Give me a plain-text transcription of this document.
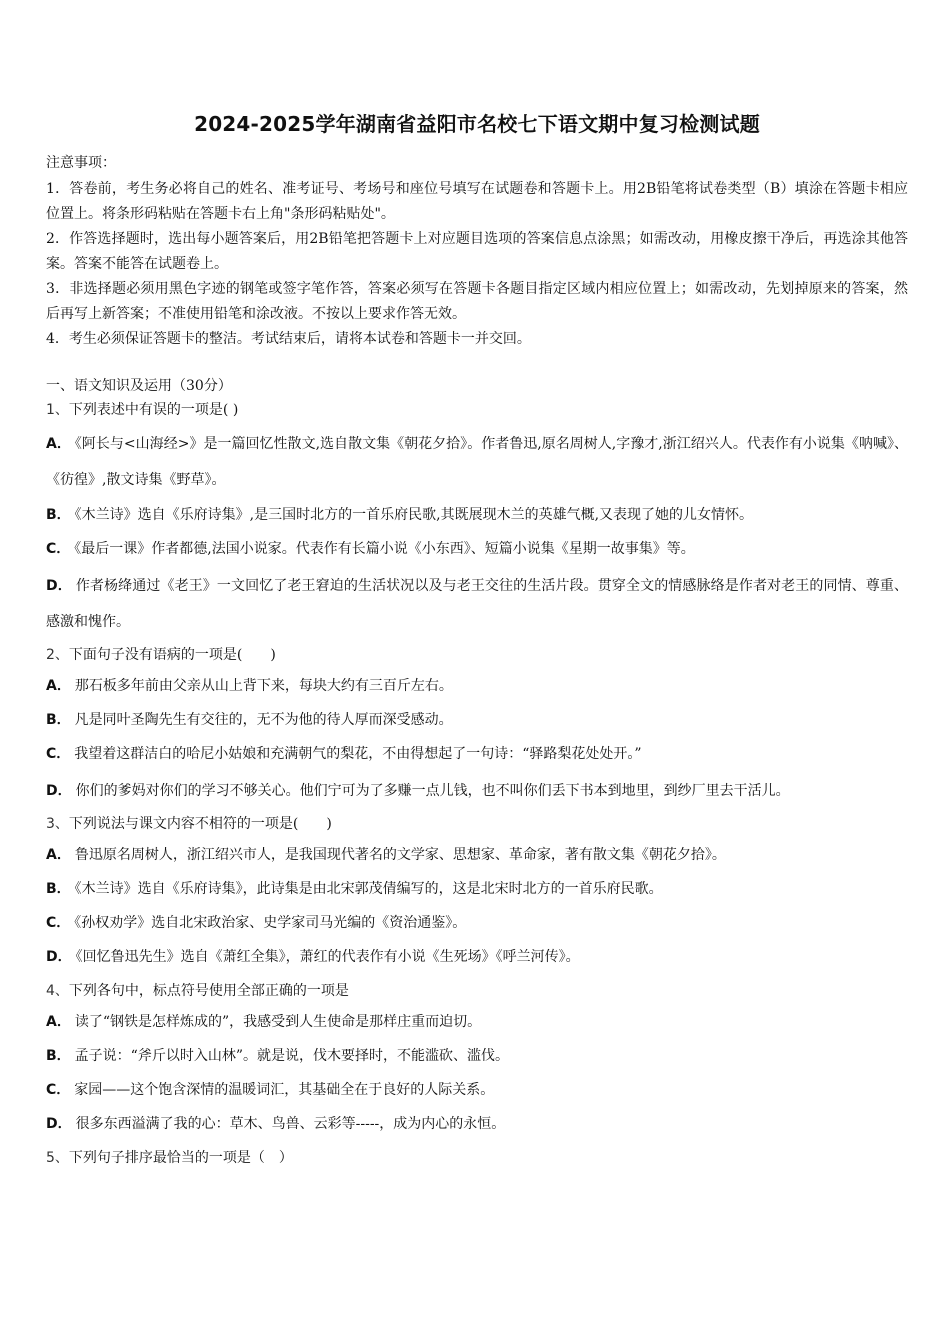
2024-2025学年湖南省益阳市名校七下语文期中复习检测试题
注意事项：

1．答卷前，考生务必将自己的姓名、准考证号、考场号和座位号填写在试题卷和答题卡上。用2B铅笔将试卷类型（B）填涂在答题卡相应位置上。将条形码粘贴在答题卡右上角"条形码粘贴处"。

2．作答选择题时，选出每小题答案后，用2B铅笔把答题卡上对应题目选项的答案信息点涂黑；如需改动，用橡皮擦干净后，再选涂其他答案。答案不能答在试题卷上。

3．非选择题必须用黑色字迹的钢笔或签字笔作答，答案必须写在答题卡各题目指定区域内相应位置上；如需改动，先划掉原来的答案，然后再写上新答案；不准使用铅笔和涂改液。不按以上要求作答无效。

4．考生必须保证答题卡的整洁。考试结束后，请将本试卷和答题卡一并交回。

一、语文知识及运用（30分）
1、下列表述中有误的一项是( )

A． 《阿长与<山海经>》是一篇回忆性散文,选自散文集《朝花夕拾》。作者鲁迅,原名周树人,字豫才,浙江绍兴人。代表作有小说集《呐喊》、《彷徨》,散文诗集《野草》。

B． 《木兰诗》选自《乐府诗集》,是三国时北方的一首乐府民歌,其既展现木兰的英雄气概,又表现了她的儿女情怀。

C． 《最后一课》作者都德,法国小说家。代表作有长篇小说《小东西》、短篇小说集《星期一故事集》等。

D． 作者杨绛通过《老王》一文回忆了老王窘迫的生活状况以及与老王交往的生活片段。贯穿全文的情感脉络是作者对老王的同情、尊重、感激和愧作。

2、下面句子没有语病的一项是(　　)

A． 那石板多年前由父亲从山上背下来，每块大约有三百斤左右。

B． 凡是同叶圣陶先生有交往的，无不为他的待人厚而深受感动。

C． 我望着这群洁白的哈尼小姑娘和充满朝气的梨花，不由得想起了一句诗：“驿路梨花处处开。”

D． 你们的爹妈对你们的学习不够关心。他们宁可为了多赚一点儿钱，也不叫你们丢下书本到地里，到纱厂里去干活儿。

3、下列说法与课文内容不相符的一项是(　　)

A． 鲁迅原名周树人，浙江绍兴市人，是我国现代著名的文学家、思想家、革命家，著有散文集《朝花夕拾》。

B． 《木兰诗》选自《乐府诗集》，此诗集是由北宋郭茂倩编写的，这是北宋时北方的一首乐府民歌。

C． 《孙权劝学》选自北宋政治家、史学家司马光编的《资治通鉴》。

D． 《回忆鲁迅先生》选自《萧红全集》，萧红的代表作有小说《生死场》《呼兰河传》。

4、下列各句中，标点符号使用全部正确的一项是

A． 读了“钢铁是怎样炼成的”，我感受到人生使命是那样庄重而迫切。

B． 孟子说：“斧斤以时入山林”。就是说，伐木要择时，不能滥砍、滥伐。

C． 家园——这个饱含深情的温暖词汇，其基础全在于良好的人际关系。

D． 很多东西溢满了我的心：草木、鸟兽、云彩等-----，成为内心的永恒。

5、下列句子排序最恰当的一项是（　）
